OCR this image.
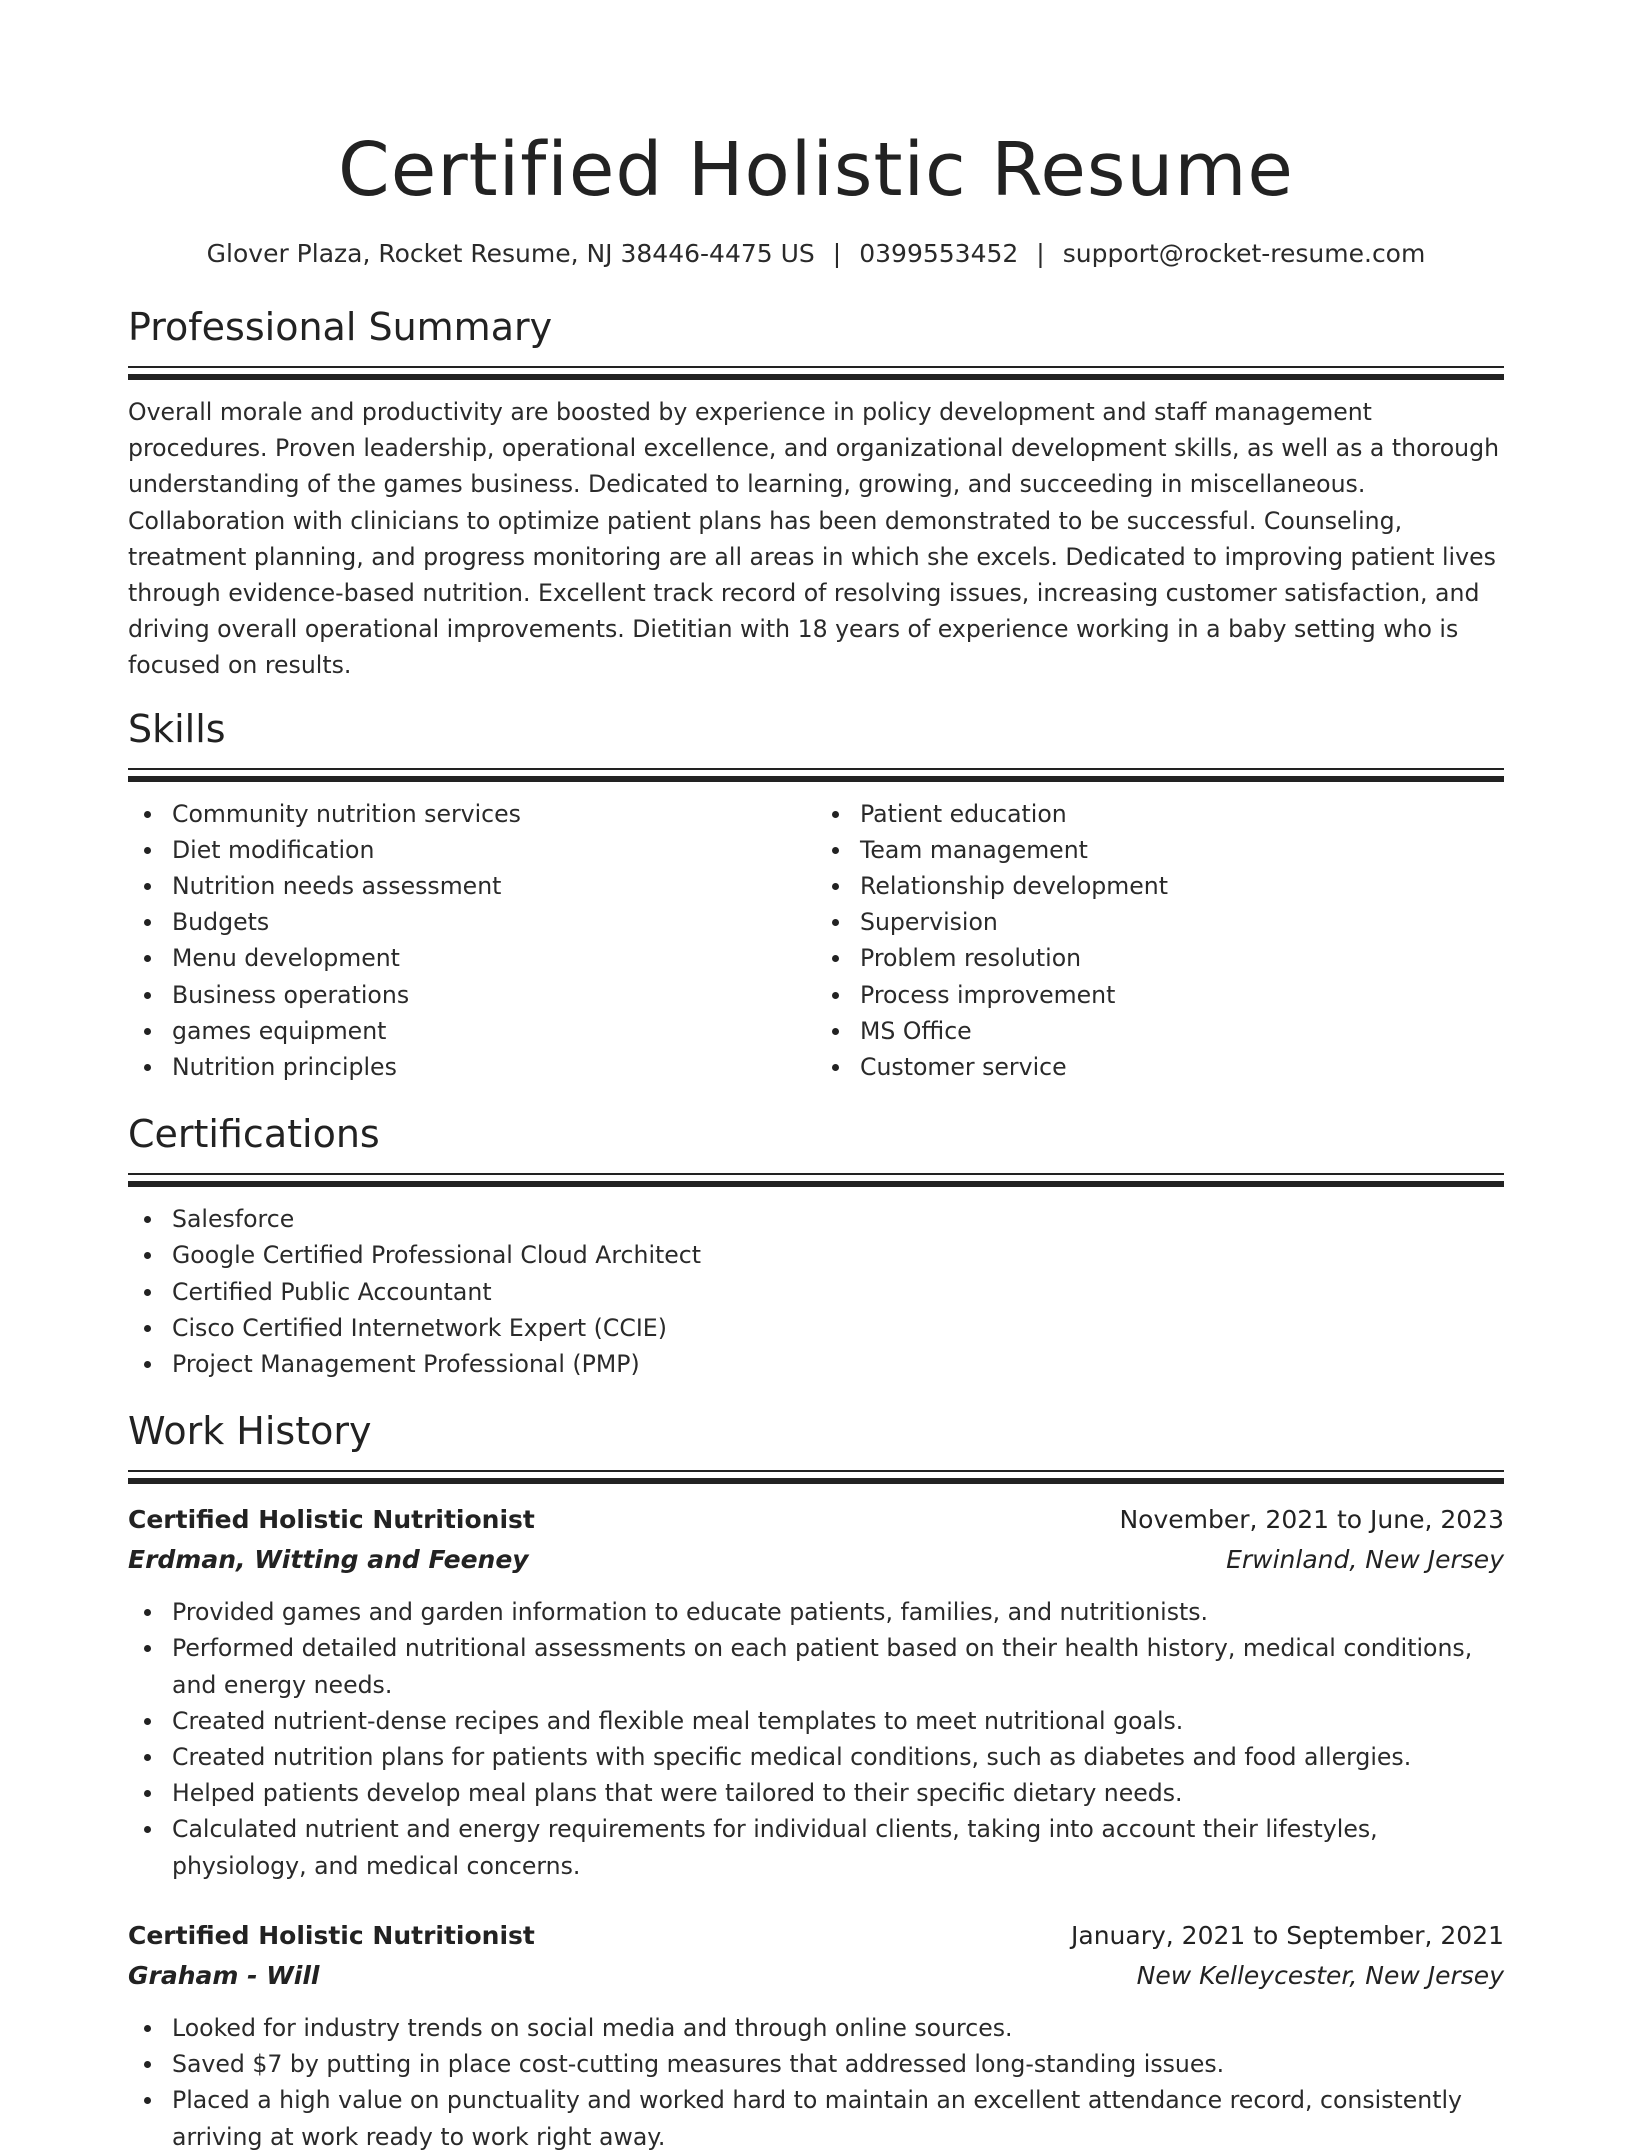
Certified Holistic Resume
Glover Plaza, Rocket Resume, NJ 38446-4475 US | 0399553452 | support@rocket-resume.com
Professional Summary

Overall morale and productivity are boosted by experience in policy development and staff management procedures. Proven leadership, operational excellence, and organizational development skills, as well as a thorough understanding of the games business. Dedicated to learning, growing, and succeeding in miscellaneous. Collaboration with clinicians to optimize patient plans has been demonstrated to be successful. Counseling, treatment planning, and progress monitoring are all areas in which she excels. Dedicated to improving patient lives through evidence-based nutrition. Excellent track record of resolving issues, increasing customer satisfaction, and driving overall operational improvements. Dietitian with 18 years of experience working in a baby setting who is focused on results.

Skills
Community nutrition services
Diet modification
Nutrition needs assessment
Budgets
Menu development
Business operations
games equipment
Nutrition principles
Patient education
Team management
Relationship development
Supervision
Problem resolution
Process improvement
MS Office
Customer service
Certifications
Salesforce
Google Certified Professional Cloud Architect
Certified Public Accountant
Cisco Certified Internetwork Expert (CCIE)
Project Management Professional (PMP)
Work History
Certified Holistic Nutritionist	November, 2021 to June, 2023
Erdman, Witting and Feeney	Erwinland, New Jersey
Provided games and garden information to educate patients, families, and nutritionists.
Performed detailed nutritional assessments on each patient based on their health history, medical conditions, and energy needs.
Created nutrient-dense recipes and flexible meal templates to meet nutritional goals.
Created nutrition plans for patients with specific medical conditions, such as diabetes and food allergies.
Helped patients develop meal plans that were tailored to their specific dietary needs.
Calculated nutrient and energy requirements for individual clients, taking into account their lifestyles, physiology, and medical concerns.
Certified Holistic Nutritionist	January, 2021 to September, 2021
Graham - Will	New Kelleycester, New Jersey
Looked for industry trends on social media and through online sources.
Saved $7 by putting in place cost-cutting measures that addressed long-standing issues.
Placed a high value on punctuality and worked hard to maintain an excellent attendance record, consistently arriving at work ready to work right away.
